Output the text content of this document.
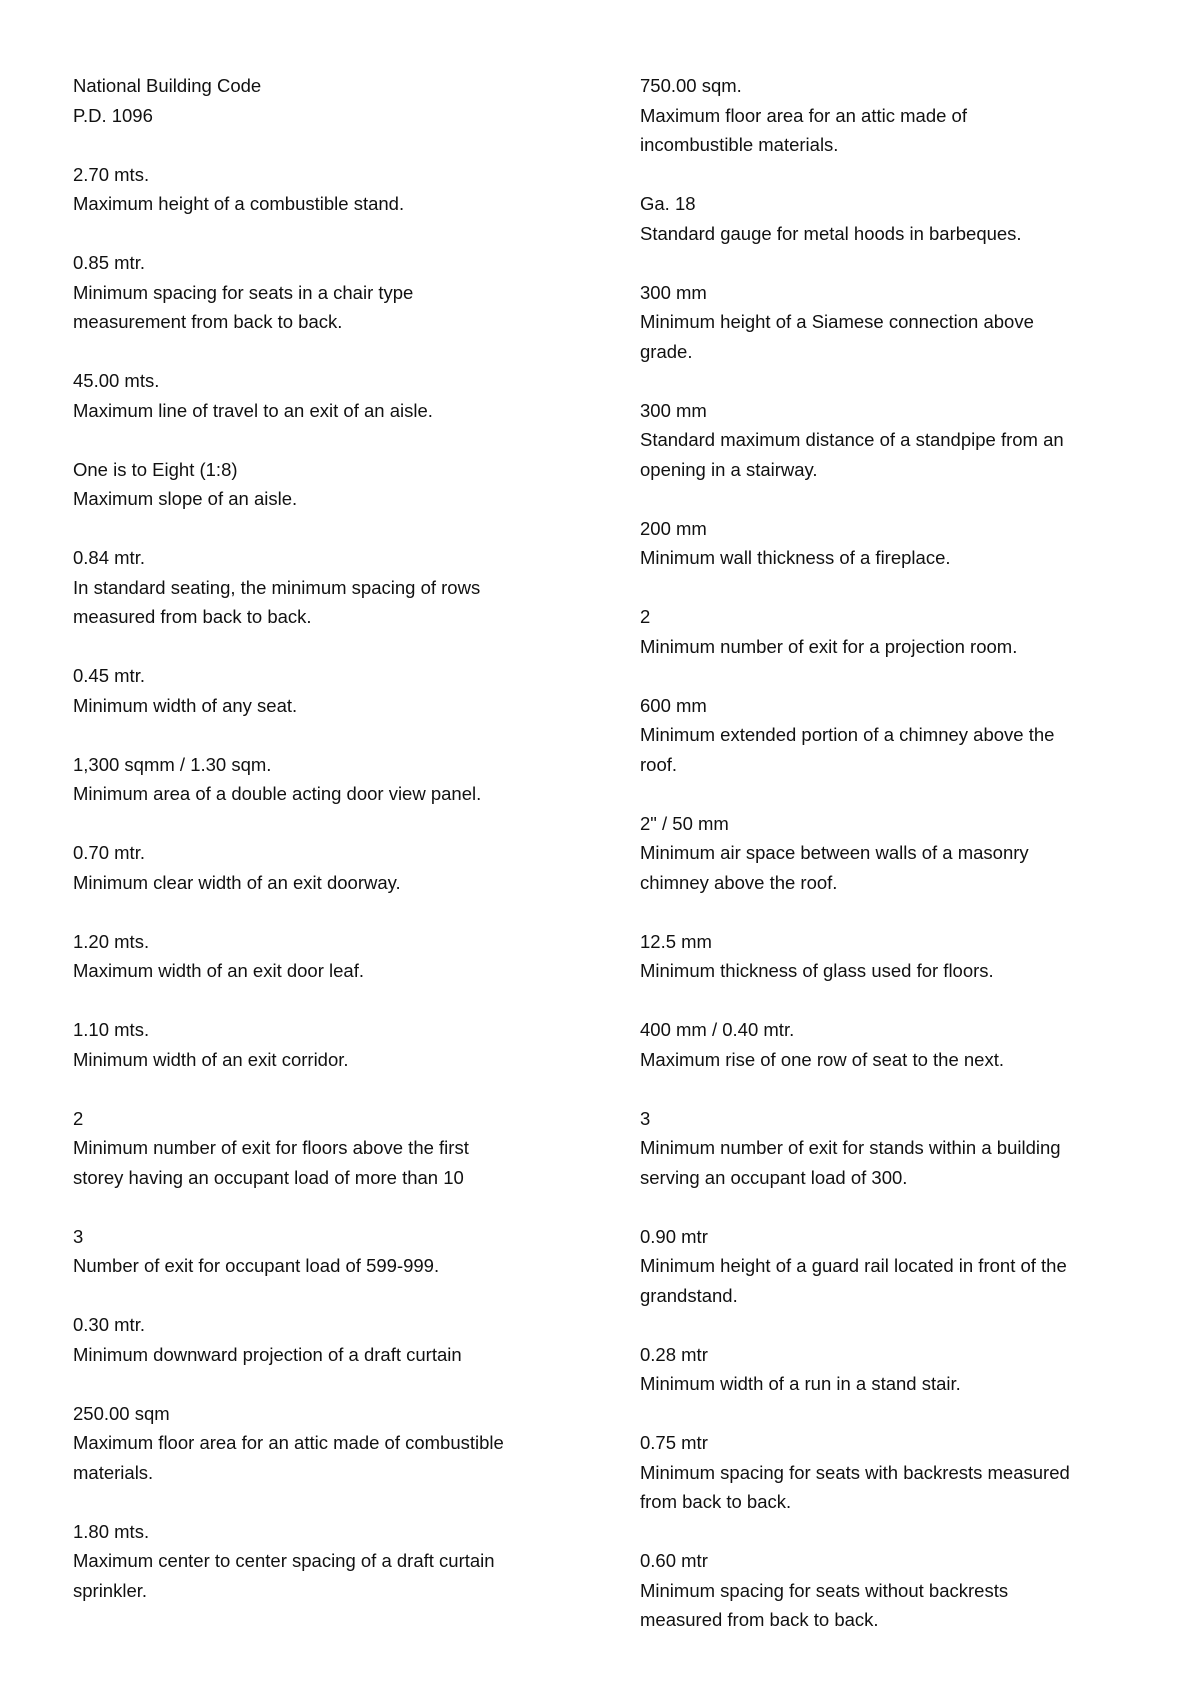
National Building Code
P.D. 1096
2.70 mts.
Maximum height of a combustible stand.
0.85 mtr.
Minimum spacing for seats in a chair type
measurement from back to back.
45.00 mts.
Maximum line of travel to an exit of an aisle.
One is to Eight (1:8)
Maximum slope of an aisle.
0.84 mtr.
In standard seating, the minimum spacing of rows
measured from back to back.
0.45 mtr.
Minimum width of any seat.
1,300 sqmm / 1.30 sqm.
Minimum area of a double acting door view panel.
0.70 mtr.
Minimum clear width of an exit doorway.
1.20 mts.
Maximum width of an exit door leaf.
1.10 mts.
Minimum width of an exit corridor.
2
Minimum number of exit for floors above the first
storey having an occupant load of more than 10
3
Number of exit for occupant load of 599-999.
0.30 mtr.
Minimum downward projection of a draft curtain
250.00 sqm
Maximum floor area for an attic made of combustible
materials.
1.80 mts.
Maximum center to center spacing of a draft curtain
sprinkler.
750.00 sqm.
Maximum floor area for an attic made of
incombustible materials.
Ga. 18
Standard gauge for metal hoods in barbeques.
300 mm
Minimum height of a Siamese connection above
grade.
300 mm
Standard maximum distance of a standpipe from an
opening in a stairway.
200 mm
Minimum wall thickness of a fireplace.
2
Minimum number of exit for a projection room.
600 mm
Minimum extended portion of a chimney above the
roof.
2" / 50 mm
Minimum air space between walls of a masonry
chimney above the roof.
12.5 mm
Minimum thickness of glass used for floors.
400 mm / 0.40 mtr.
Maximum rise of one row of seat to the next.
3
Minimum number of exit for stands within a building
serving an occupant load of 300.
0.90 mtr
Minimum height of a guard rail located in front of the
grandstand.
0.28 mtr
Minimum width of a run in a stand stair.
0.75 mtr
Minimum spacing for seats with backrests measured
from back to back.
0.60 mtr
Minimum spacing for seats without backrests
measured from back to back.
